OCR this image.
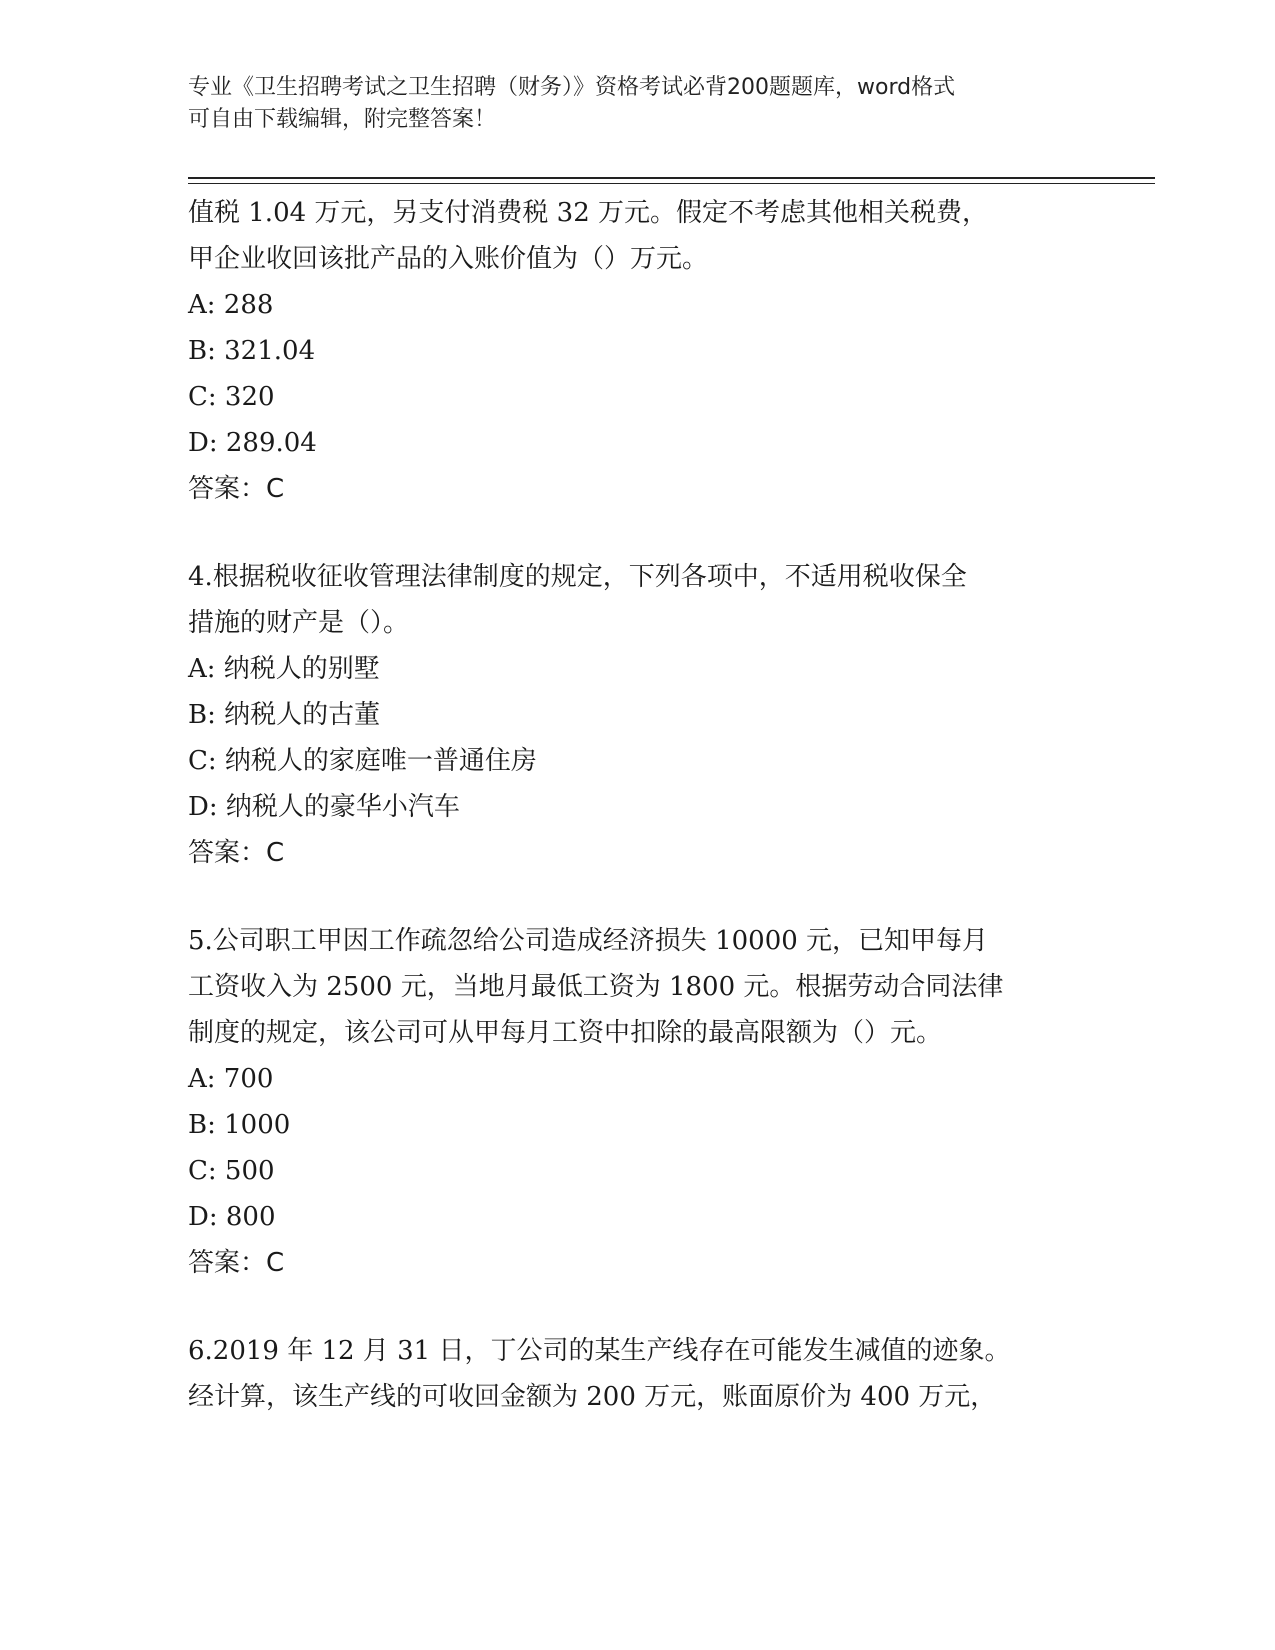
专业《卫生招聘考试之卫生招聘（财务）》资格考试必背200题题库，word格式

可自由下载编辑，附完整答案！

值税 1.04 万元，另支付消费税 32 万元。假定不考虑其他相关税费，
甲企业收回该批产品的入账价值为（）万元。
A: 288
B: 321.04
C: 320
D: 289.04
答案：C
4.根据税收征收管理法律制度的规定，下列各项中，不适用税收保全
措施的财产是（）。
A: 纳税人的别墅
B: 纳税人的古董
C: 纳税人的家庭唯一普通住房
D: 纳税人的豪华小汽车
答案：C
5.公司职工甲因工作疏忽给公司造成经济损失 10000 元，已知甲每月
工资收入为 2500 元，当地月最低工资为 1800 元。根据劳动合同法律
制度的规定，该公司可从甲每月工资中扣除的最高限额为（）元。
A: 700
B: 1000
C: 500
D: 800
答案：C
6.2019 年 12 月 31 日，丁公司的某生产线存在可能发生减值的迹象。
经计算，该生产线的可收回金额为 200 万元，账面原价为 400 万元，
